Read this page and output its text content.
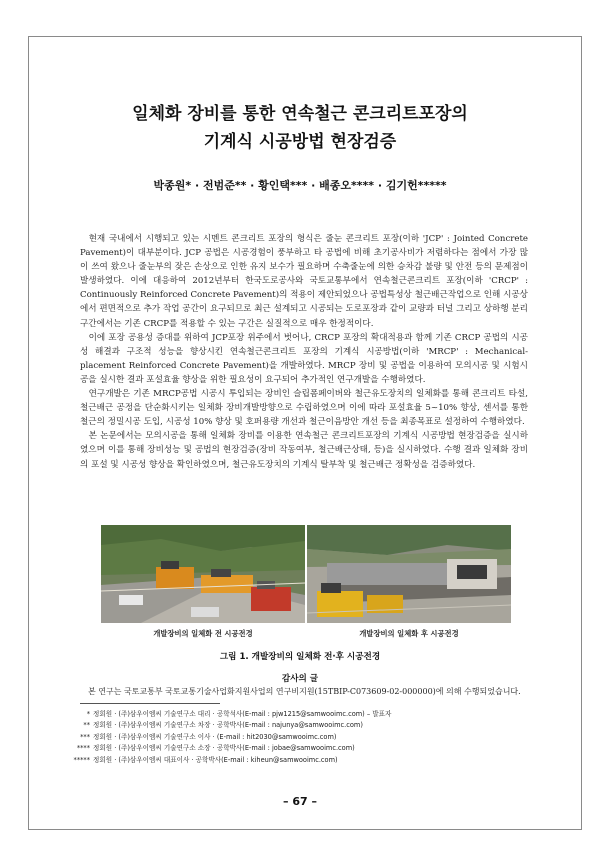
일체화 장비를 통한 연속철근 콘크리트포장의
기계식 시공방법 현장검증
박종원* · 전범준** · 황인택*** · 배종오**** · 김기헌*****

현재 국내에서 시행되고 있는 시멘트 콘크리트 포장의 형식은 줄눈 콘크리트 포장(이하 'JCP' : Jointed Concrete Pavement)이 대부분이다. JCP 공법은 시공경험이 풍부하고 타 공법에 비해 초기공사비가 저렴하다는 점에서 가장 많이 쓰여 왔으나 줄눈부의 잦은 손상으로 인한 유지 보수가 필요하며 수축줄눈에 의한 승차감 불량 및 안전 등의 문제점이 발생하였다. 이에 대응하여 2012년부터 한국도로공사와 국토교통부에서 연속철근콘크리트 포장(이하 'CRCP' : Continuously Reinforced Concrete Pavement)의 적용이 제안되었으나 공법특성상 철근배근작업으로 인해 시공상에서 편면적으로 추가 작업 공간이 요구되므로 최근 설계되고 시공되는 도로포장과 같이 교량과 터널 그리고 상하행 분리구간에서는 기존 CRCP를 적용할 수 있는 구간은 실질적으로 매우 한정적이다.

이에 포장 공용성 증대를 위하여 JCP포장 위주에서 벗어나, CRCP 포장의 확대적용과 함께 기존 CRCP 공법의 시공성 해결과 구조적 성능을 향상시킨 연속철근콘크리트 포장의 기계식 시공방법(이하 'MRCP' : Mechanical-placement Reinforced Concrete Pavement)을 개발하였다. MRCP 장비 및 공법을 이용하여 모의시공 및 시험시공을 실시한 결과 포설효율 향상을 위한 필요성이 요구되어 추가적인 연구개발을 수행하였다.

연구개발은 기존 MRCP공법 시공시 투입되는 장비인 슬립폼페이버와 철근유도장치의 일체화를 통해 콘크리트 타설, 철근배근 공정을 단순화시키는 일체화 장비개발방향으로 수립하였으며 이에 따라 포설효율 5~10% 향상, 센서를 통한 철근의 정밀시공 도입, 시공성 10% 향상 및 호퍼용량 개선과 철근이음방안 개선 등을 최종목표로 설정하여 수행하였다.

본 논문에서는 모의시공을 통해 일체화 장비를 이용한 연속철근 콘크리트포장의 기계식 시공방법 현장검증을 실시하였으며 이를 통해 장비성능 및 공법의 현장검증(장비 작동여부, 철근배근상태, 등)을 실시하였다. 수행 결과 일체화 장비의 포설 및 시공성 향상을 확인하였으며, 철근유도장치의 기계식 탈부착 및 철근배근 정확성을 검증하였다.

개발장비의 일체화 전 시공전경	개발장비의 일체화 후 시공전경
그림 1. 개발장비의 일체화 전·후 시공전경
감사의 글
본 연구는 국토교통부 국토교통기술사업화지원사업의 연구비지원(15TBIP-C073609-02-000000)에 의해 수행되었습니다.
* 정회원 · (주)삼우이엠씨 기술연구소 대리 · 공학석사(E-mail : pjw1215@samwooimc.com) – 발표자
** 정회원 · (주)삼우이엠씨 기술연구소 차장 · 공학박사(E-mail : najunya@samwooimc.com)
*** 정회원 · (주)삼우이엠씨 기술연구소 이사 · (E-mail : hit2030@samwooimc.com)
**** 정회원 · (주)삼우이엠씨 기술연구소 소장 · 공학박사(E-mail : jobae@samwooimc.com)
***** 정회원 · (주)삼우이엠씨 대표이사 · 공학박사(E-mail : kiheun@samwooimc.com)
– 67 –
